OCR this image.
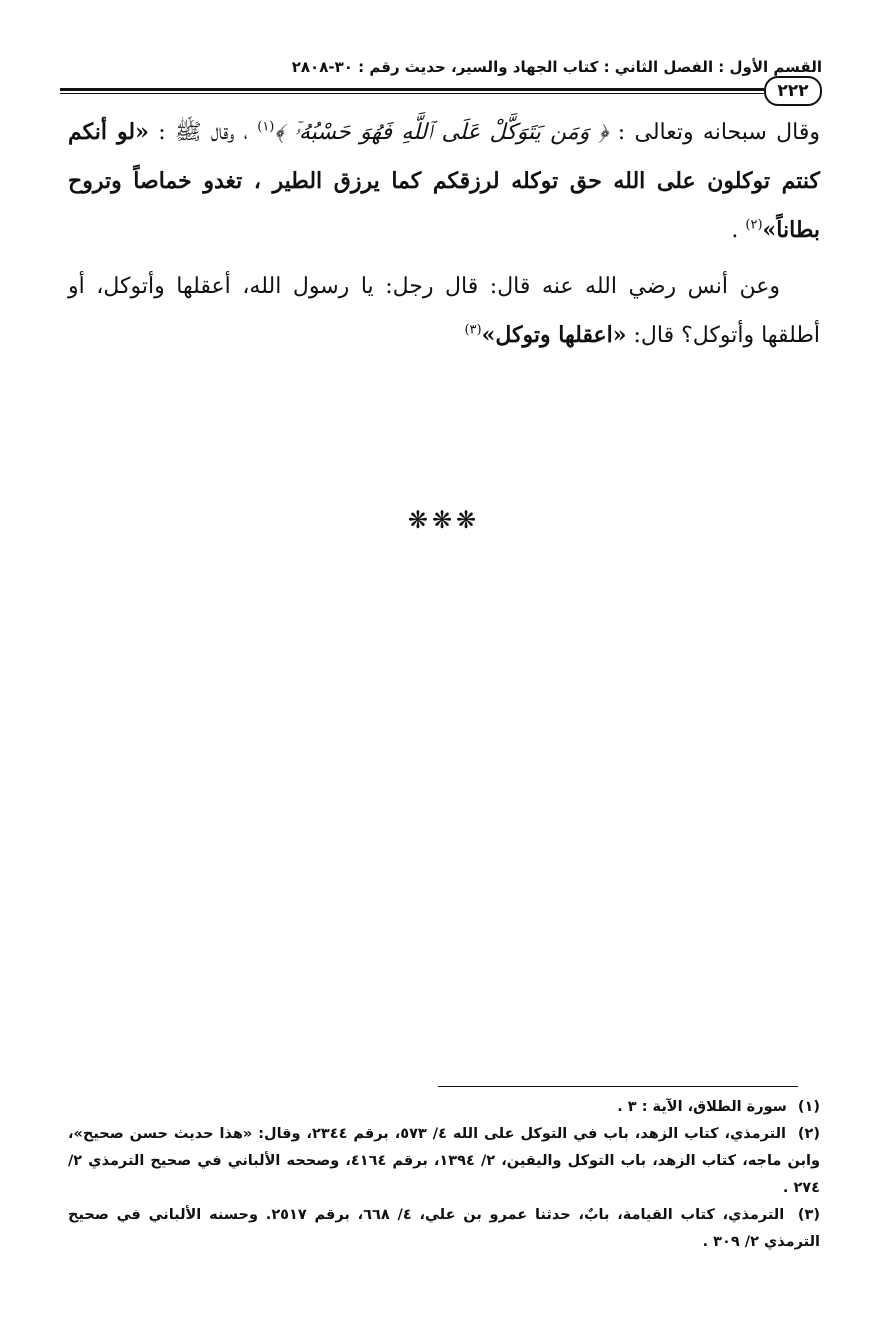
القسم الأول : الفصل الثاني : كتاب الجهاد والسير، حديث رقم : ٣٠-٢٨٠٨
٢٢٢

وقال سبحانه وتعالى : ﴿ وَمَن يَتَوَكَّلْ عَلَى ٱللَّهِ فَهُوَ حَسْبُهُۥٓ ﴾$^{(١)}$ ، وقال ﷺ : «لو أنكم كنتم توكلون على الله حق توكله لرزقكم كما يرزق الطير ، تغدو خماصاً وتروح بطاناً»$^{(٢)}$ .

وعن أنس رضي الله عنه قال: قال رجل: يا رسول الله، أعقلها وأتوكل، أو أطلقها وأتوكل؟ قال: «اعقلها وتوكل»$^{(٣)}$

❋❋❋

(١) سورة الطلاق، الآية : ٣ .

(٢) الترمذي، كتاب الزهد، باب في التوكل على الله ٤/ ٥٧٣، برقم ٢٣٤٤، وقال: «هذا حديث حسن صحيح»، وابن ماجه، كتاب الزهد، باب التوكل واليقين، ٢/ ١٣٩٤، برقم ٤١٦٤، وصححه الألباني في صحيح الترمذي ٢/ ٢٧٤ .

(٣) الترمذي، كتاب القيامة، بابٌ، حدثنا عمرو بن علي، ٤/ ٦٦٨، برقم ٢٥١٧. وحسنه الألباني في صحيح الترمذي ٢/ ٣٠٩ .
